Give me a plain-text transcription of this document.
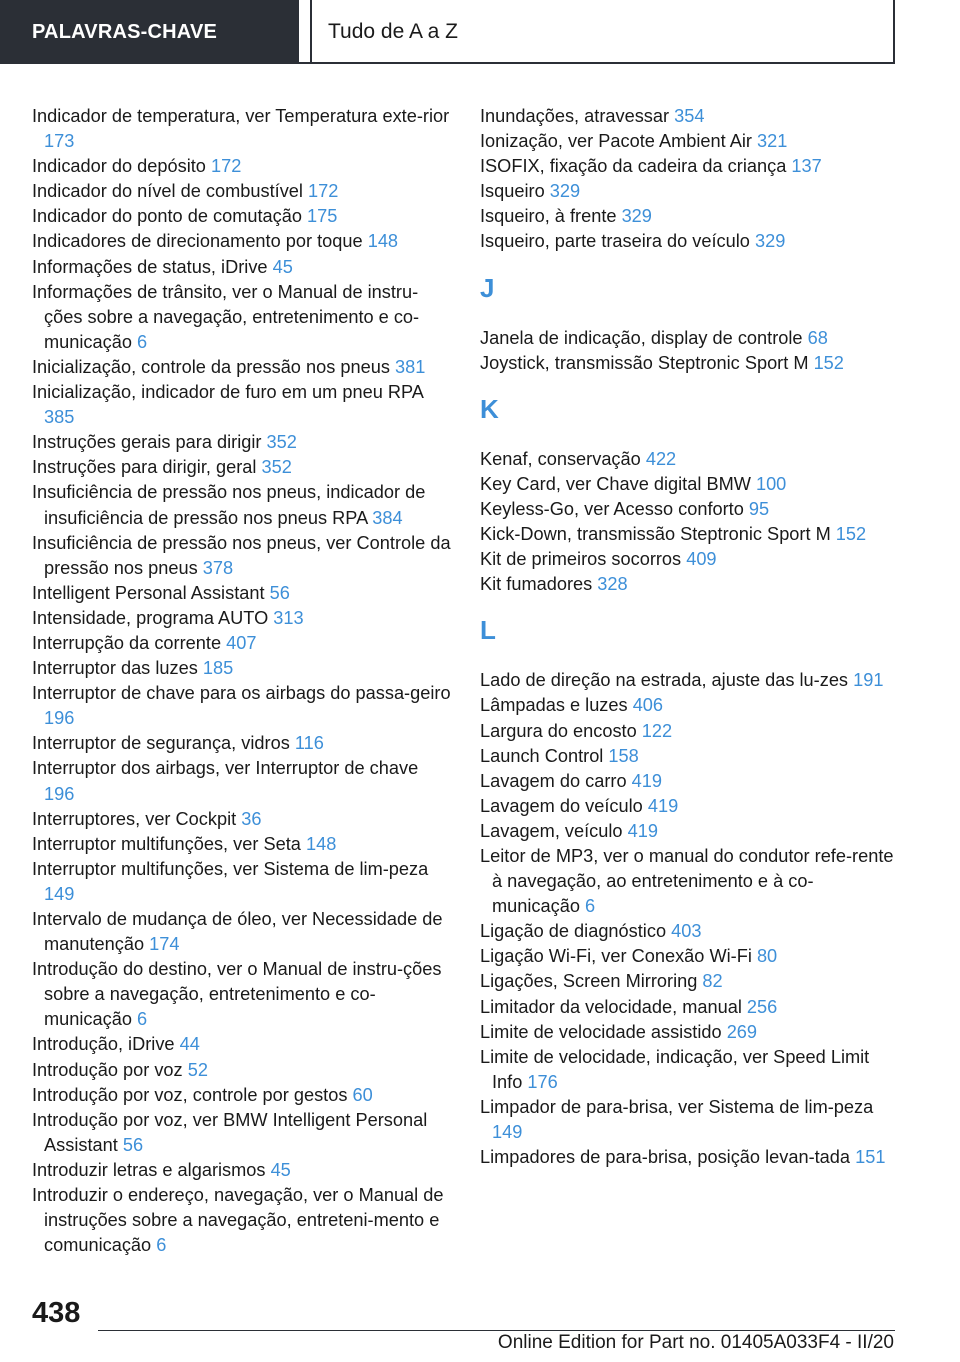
PALAVRAS-CHAVE	Tudo de A a Z
Indicador de temperatura, ver Temperatura exte-rior 173
Indicador do depósito 172
Indicador do nível de combustível 172
Indicador do ponto de comutação 175
Indicadores de direcionamento por toque 148
Informações de status, iDrive 45
Informações de trânsito, ver o Manual de instru-ções sobre a navegação, entretenimento e co-municação 6
Inicialização, controle da pressão nos pneus 381
Inicialização, indicador de furo em um pneu RPA 385
Instruções gerais para dirigir 352
Instruções para dirigir, geral 352
Insuficiência de pressão nos pneus, indicador de insuficiência de pressão nos pneus RPA 384
Insuficiência de pressão nos pneus, ver Controle da pressão nos pneus 378
Intelligent Personal Assistant 56
Intensidade, programa AUTO 313
Interrupção da corrente 407
Interruptor das luzes 185
Interruptor de chave para os airbags do passa-geiro 196
Interruptor de segurança, vidros 116
Interruptor dos airbags, ver Interruptor de chave 196
Interruptores, ver Cockpit 36
Interruptor multifunções, ver Seta 148
Interruptor multifunções, ver Sistema de lim-peza 149
Intervalo de mudança de óleo, ver Necessidade de manutenção 174
Introdução do destino, ver o Manual de instru-ções sobre a navegação, entretenimento e co-municação 6
Introdução, iDrive 44
Introdução por voz 52
Introdução por voz, controle por gestos 60
Introdução por voz, ver BMW Intelligent Personal Assistant 56
Introduzir letras e algarismos 45
Introduzir o endereço, navegação, ver o Manual de instruções sobre a navegação, entreteni-mento e comunicação 6
Inundações, atravessar 354
Ionização, ver Pacote Ambient Air 321
ISOFIX, fixação da cadeira da criança 137
Isqueiro 329
Isqueiro, à frente 329
Isqueiro, parte traseira do veículo 329
J
Janela de indicação, display de controle 68
Joystick, transmissão Steptronic Sport M 152
K
Kenaf, conservação 422
Key Card, ver Chave digital BMW 100
Keyless-Go, ver Acesso conforto 95
Kick-Down, transmissão Steptronic Sport M 152
Kit de primeiros socorros 409
Kit fumadores 328
L
Lado de direção na estrada, ajuste das lu-zes 191
Lâmpadas e luzes 406
Largura do encosto 122
Launch Control 158
Lavagem do carro 419
Lavagem do veículo 419
Lavagem, veículo 419
Leitor de MP3, ver o manual do condutor refe-rente à navegação, ao entretenimento e à co-municação 6
Ligação de diagnóstico 403
Ligação Wi-Fi, ver Conexão Wi-Fi 80
Ligações, Screen Mirroring 82
Limitador da velocidade, manual 256
Limite de velocidade assistido 269
Limite de velocidade, indicação, ver Speed Limit Info 176
Limpador de para-brisa, ver Sistema de lim-peza 149
Limpadores de para-brisa, posição levan-tada 151
438
Online Edition for Part no. 01405A033F4 - II/20
